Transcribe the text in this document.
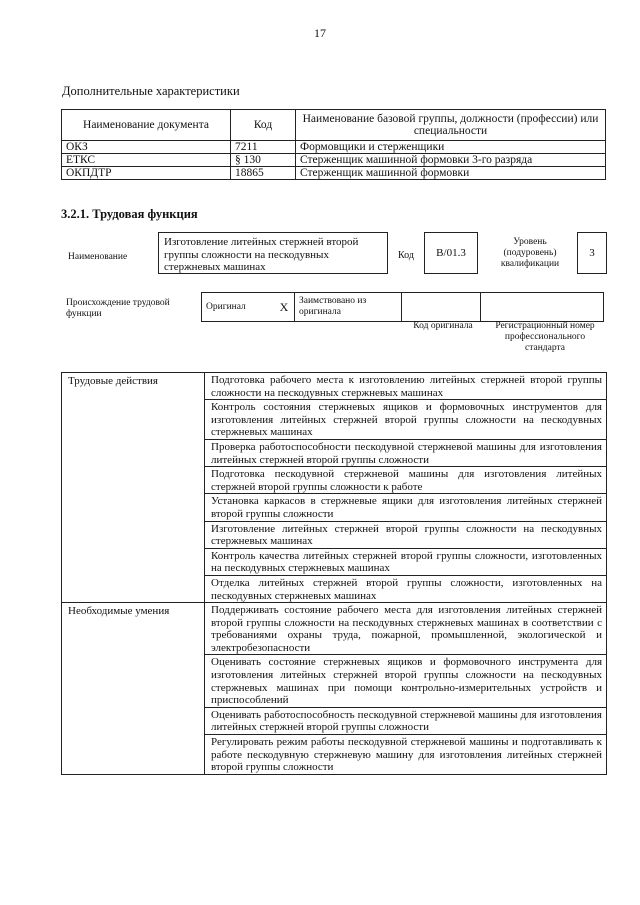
17
Дополнительные характеристики
Наименование документа	Код	Наименование базовой группы, должности (профессии) или специальности
ОКЗ	7211	Формовщики и стерженщики
ЕТКС	§ 130	Стерженщик машинной формовки 3-го разряда
ОКПДТР	18865	Стерженщик машинной формовки
3.2.1. Трудовая функция
Наименование
Изготовление литейных стержней второй группы сложности на пескодувных стержневых машинах
Код	B/01.3
Уровень (подуровень) квалификации
3
Происхождение трудовой функции
Оригинал	X	Заимствовано из оригинала		
Код оригинала	Регистрационный номер профессионального стандарта
Трудовые действия	Подготовка рабочего места к изготовлению литейных стержней второй группы сложности на пескодувных стержневых машинах
	Контроль состояния стержневых ящиков и формовочных инструментов для изготовления литейных стержней второй группы сложности на пескодувных стержневых машинах
	Проверка работоспособности пескодувной стержневой машины для изготовления литейных стержней второй группы сложности
	Подготовка пескодувной стержневой машины для изготовления литейных стержней второй группы сложности к работе
	Установка каркасов в стержневые ящики для изготовления литейных стержней второй группы сложности
	Изготовление литейных стержней второй группы сложности на пескодувных стержневых машинах
	Контроль качества литейных стержней второй группы сложности, изготовленных на пескодувных стержневых машинах
	Отделка литейных стержней второй группы сложности, изготовленных на пескодувных стержневых машинах
Необходимые умения	Поддерживать состояние рабочего места для изготовления литейных стержней второй группы сложности на пескодувных стержневых машинах в соответствии с требованиями охраны труда, пожарной, промышленной, экологической и электробезопасности
	Оценивать состояние стержневых ящиков и формовочного инструмента для изготовления литейных стержней второй группы сложности на пескодувных стержневых машинах при помощи контрольно-измерительных устройств и приспособлений
	Оценивать работоспособность пескодувной стержневой машины для изготовления литейных стержней второй группы сложности
	Регулировать режим работы пескодувной стержневой машины и подготавливать к работе пескодувную стержневую машину для изготовления литейных стержней второй группы сложности
